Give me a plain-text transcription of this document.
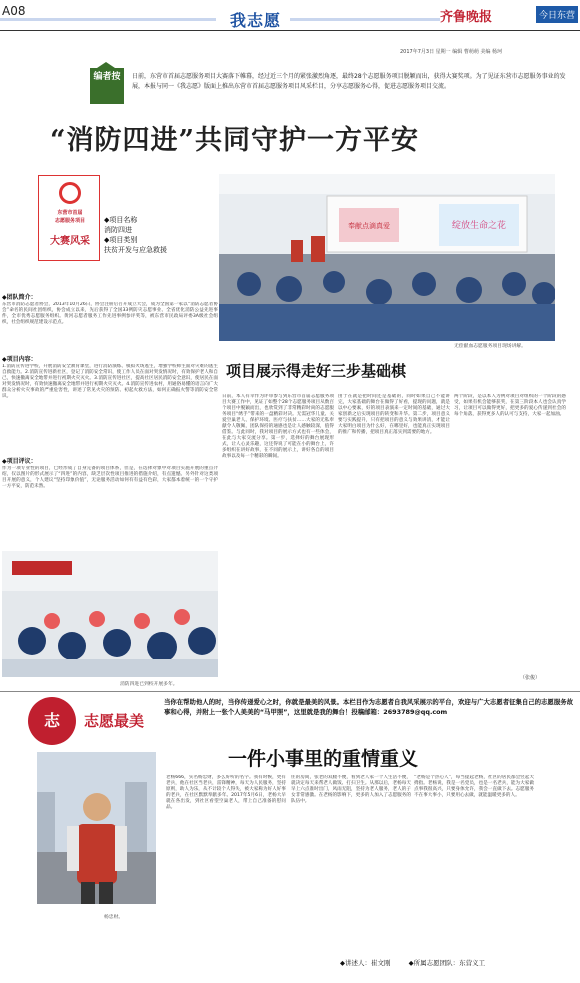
A08	我志愿	齐鲁晚报	今日东营
2017年7月3日 星期一 编辑 曹萌萌 美编 杨珂
编者按	日前，东营市首届志愿服务项目大赛落下帷幕，经过近三个月的紧张激烈角逐，最终28个志愿服务项目脱颖而出，获得大赛奖项。为了见证东营市志愿服务事业的发展，本报与同一《我志愿》版面上推出东营市首届志愿服务项目风采栏目，分享志愿服务心得，促进志愿服务项目交流。
“消防四进”共同守护一方平安
东营市首届
志愿服务项目
大赛风采
◆项目名称
消防四进
◆项目类别
扶贫开发与应急救援
奉献点滴真爱	绽放生命之花
无偿献血志愿服务项目现场讲解。
◆团队简介：
东营市消防志愿者协会，2013年10月26日，协会注册后召开成立大会，成为全国第一家以“消防志愿者协会”命名的民间社团组织，协会成立以来，先后获得了全国33例防灾志愿事业、全省优化消防公益先进事件，全市优秀志愿服务组织。黄河志愿者服务工作先进事例参评奖等，被东营市民政局评委3A级社会组织，社会组织规范建设示范点。
◆项目内容：
1.消防宣传进学校，开展消防安全教育课堂，进行消防演练、模拟火场逃生，增强学校师生面对灾难的逃生自救能力。2.消防宣传进新社区，登记了消防安全常识，使工作人员在面对突发情况时，有效保护老人和自己，快速撤离安全地带并进行初期火灾灭火。3.消防宣传进社区，提高社区居民消防安全意识，使居民在面对突发情况时，有效快速撤离安全地带并进行初期火灾灭火。4.消防宣传进农村，用通俗易懂的语言向广大群众分析火灾事故的严重危害性，讲述了常见火灾的预防、初起火救方法，如何正确报火警等消防安全常识。
◆项目评议：
作为一项专业性的项目，已经形成了自身完备的项目体系，但是，在选择对象中对项目实施开展的重点介绍，仅以图片的形式展示了“四进”的内容，缺乏层次性项目推进的措施介绍，有点遗憾。另外针对这类项目开展的意义，个人建议“坚持印象价值”，无论服务活动如何有有益有色彩，大家都本着统一的一个守护一方平安，防范未然。
消防四进已到校开展多年。
项目展示得走好三步基础棋
日前，本人有幸作为评审参与到东营市首届志愿服务项目大赛工作中，见证了如整个28个志愿服务项目从数百个项目中脱颖而出，也欣赏到了非常精彩时尚的志愿服务项目“绣手”带来的一盘精彩对决。无需冠华儿童、关爱空巢老人、保护环境、医疗与扶贫……大家的无私奉献令人敬佩，团队保持的通感也是让人感触较深，值得借鉴。与此同时，我对项目的展示方式也有一些体会，在此与大家交流分享。第一步，选择好的舞台展现形式，让人心灵乐趣，这还得说了可能在小的舞台上，许多组织在讲好故事，在不同的展示上，讲好各自的项目故事以及每一个精彩的瞬间。
由于在就是把时间还是基础的，同时如果自己不能讲完，大家基础的舞台在做得了好看，提现的问题，就是以中心要素，好的项目表演来一定时间的基础，通过大家创新之后实现项目的转变和升华。第二步，项目意义要与实践提升，只有把项目的意义与效果讲清，才能让大家明白项目为什么好，在哪里好，也能真正实现项目的推广和传播，把项目真正落实到需要的地方。
两个阶段，是以本人为例对项目对组织的一个阶段的感受，如果有机会能够获奖，在第三阶段本人也会认真学习，让项目可以做得更好，把更多的爱心传递到社会的每个角落，获得更多人的认可与支持，大家一起加油。
（张俊）
志	志愿最美
当你在帮助他人的时，当你传递爱心之时，你就是最美的风景。本栏目作为志愿者自我风采展示的平台，欢迎与广大志愿者征集自己的志愿服务故事和心得，并附上一张个人美美的“马甲照”，这里就是我的舞台！投稿邮箱：2693789@qq.com
一件小事里的重情重义
杨忠财。
老杨666，实名杨忠财，多么好听的名字。我有时候，更有老兵，他在社区当老兵，雷锋精神，每天为人民服务，坚持原则，助人为乐，从不计较个人得失，被大家称为好人好事的老兵，在社区默默奉献多年。2017年5月6日，老杨大早就在各出发，到社区看望空巢老人，带上自己准备的慰问品。
住的房间，张老的双腿不便，看到老人家一个人生活不便，就决定每天来帮老人做饭、打扫卫生。从那以后，老杨每天早上六点准时出门，风雨无阻，坚持为老人服务，老人的子女非常感激。在老杨的影响下，更多的人加入了志愿服务的队伍中。
“老杨是个热心人”，每当提起老杨，社区的居民都会竖起大拇指。老杨说，我是一名党员，也是一名老兵，能为大家做点事我很高兴，只要身体允许，我会一直做下去。志愿服务不在事大事小，只要用心去做，就能温暖更多的人。
◆讲述人：崔文刚	◆所属志愿团队：东营义工
